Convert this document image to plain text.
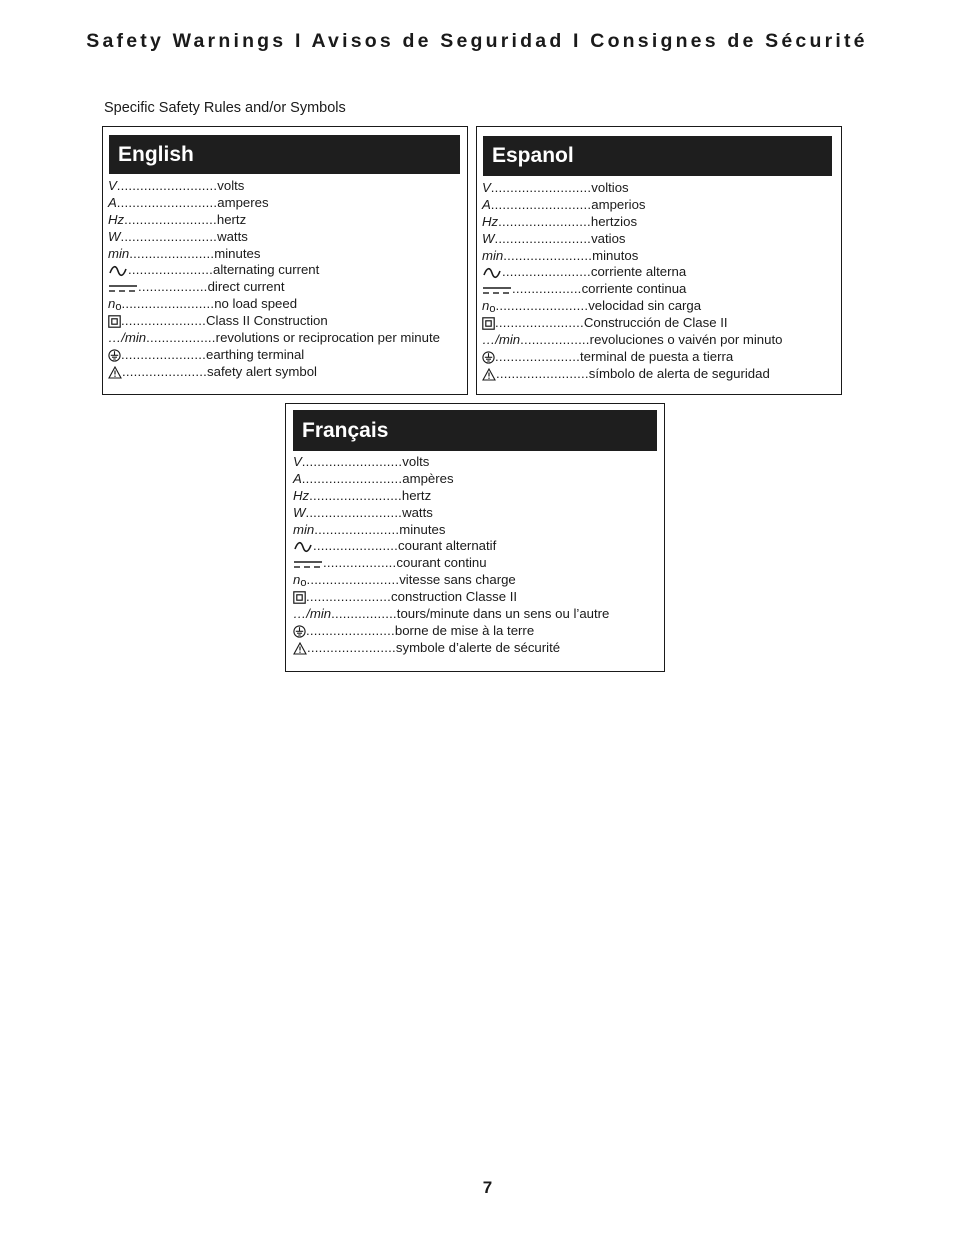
Safety Warnings I Avisos de Seguridad I Consignes de Sécurité
Specific Safety Rules and/or Symbols
English
V .......................... volts
A .......................... amperes
Hz ........................ hertz
W ......................... watts
min ...................... minutes
...................... alternating current
.................. direct current
n o ........................ no load speed
...................... Class II Construction
…/min .................. revolutions or reciprocation per minute
...................... earthing terminal
...................... safety alert symbol
Espanol
V .......................... voltios
A .......................... amperios
Hz ........................ hertzios
W ......................... vatios
min ....................... minutos
....................... corriente alterna
.................. corriente continua
n o ........................ velocidad sin carga
....................... Construcción de Clase II
…/min .................. revoluciones o vaivén por minuto
...................... terminal de puesta a tierra
........................ símbolo de alerta de seguridad
Français
V .......................... volts
A .......................... ampères
Hz ........................ hertz
W ......................... watts
min ...................... minutes
...................... courant alternatif
................... courant continu
n o ........................ vitesse sans charge
...................... construction Classe II
…/min ................. tours/minute dans un sens ou l’autre
....................... borne de mise à la terre
....................... symbole d’alerte de sécurité
7
